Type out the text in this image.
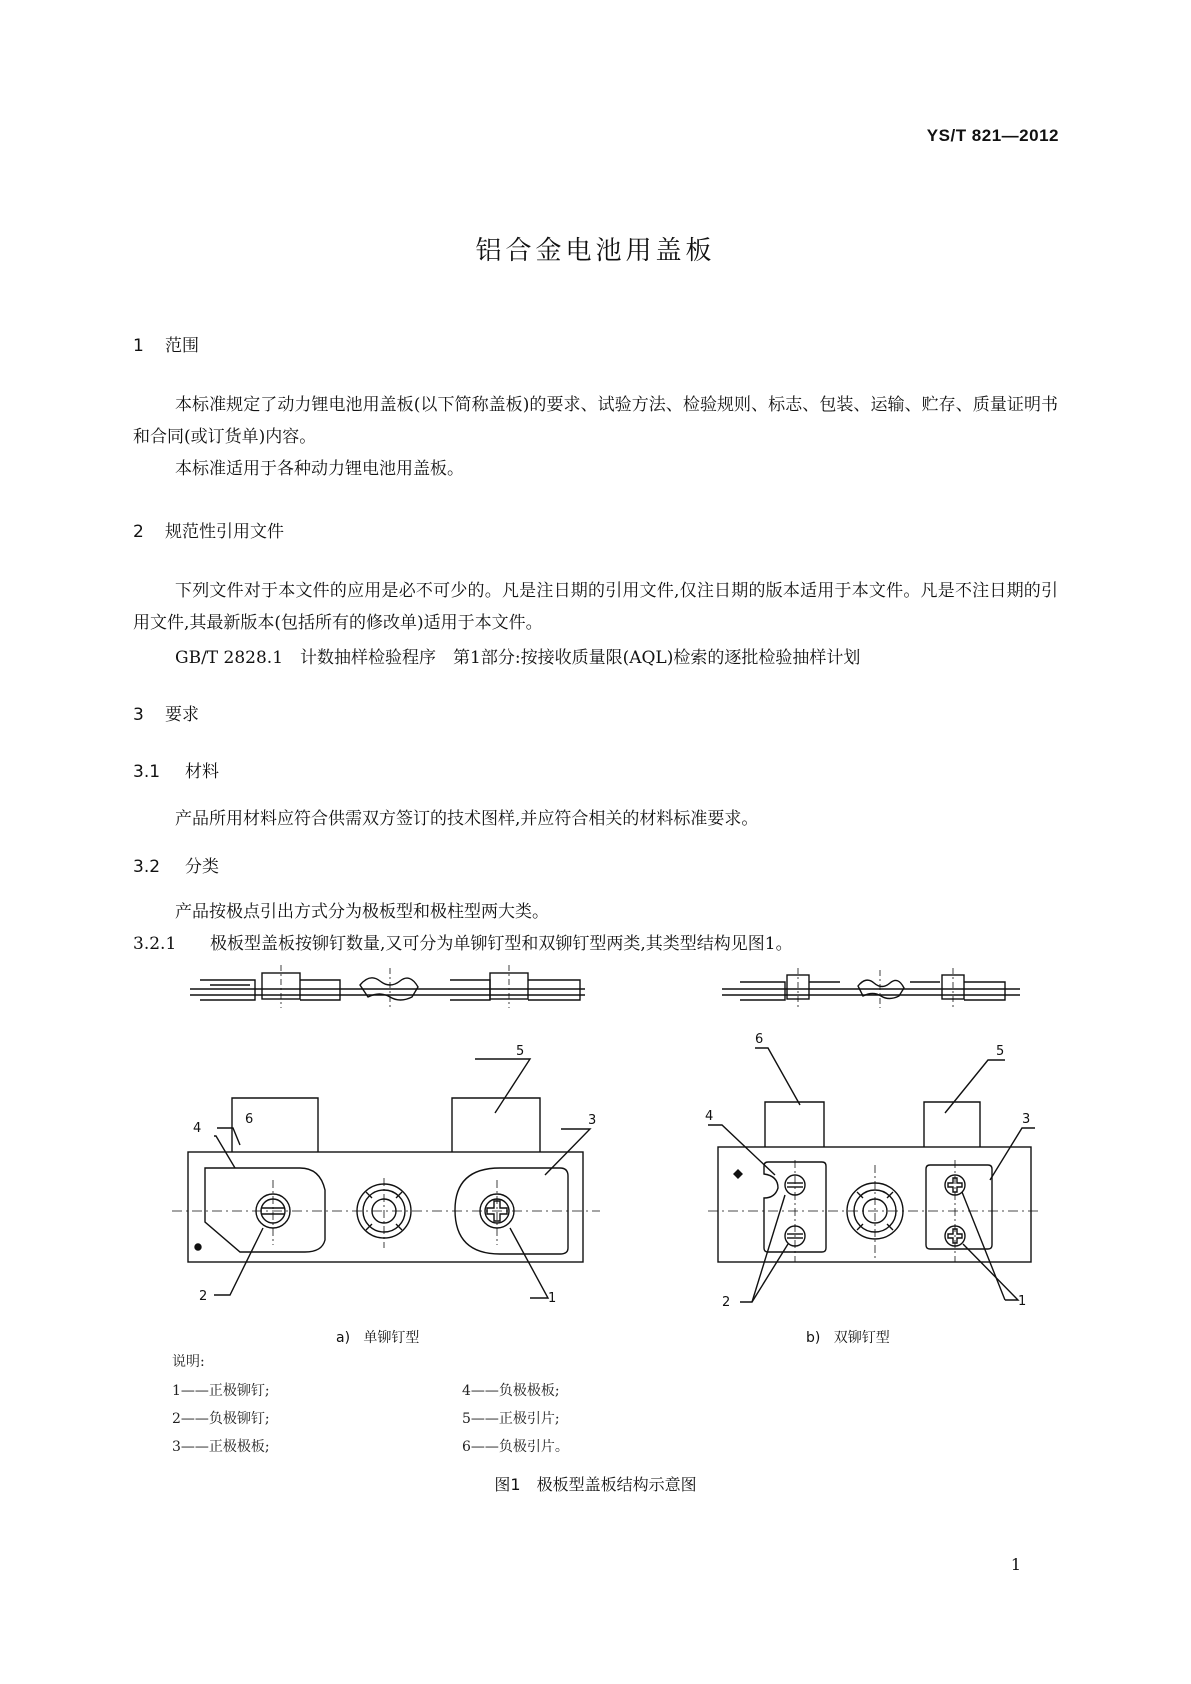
YS/T 821—2012
铝合金电池用盖板
1 范围
本标准规定了动力锂电池用盖板(以下简称盖板)的要求、试验方法、检验规则、标志、包装、运输、贮存、质量证明书和合同(或订货单)内容。
本标准适用于各种动力锂电池用盖板。
2 规范性引用文件
下列文件对于本文件的应用是必不可少的。凡是注日期的引用文件,仅注日期的版本适用于本文件。凡是不注日期的引用文件,其最新版本(包括所有的修改单)适用于本文件。
GB/T 2828.1　计数抽样检验程序　第1部分:按接收质量限(AQL)检索的逐批检验抽样计划
3 要求
3.1 材料
产品所用材料应符合供需双方签订的技术图样,并应符合相关的材料标准要求。
3.2 分类
产品按极点引出方式分为极板型和极柱型两大类。
3.2.1 极板型盖板按铆钉数量,又可分为单铆钉型和双铆钉型两类,其类型结构见图1。
6
4
5
3
2	1
6
4
5
3
2	1
a) 单铆钉型	b) 双铆钉型
说明:
1——正极铆钉;	4——负极极板;
2——负极铆钉;	5——正极引片;
3——正极极板;	6——负极引片。
图1　极板型盖板结构示意图
1
